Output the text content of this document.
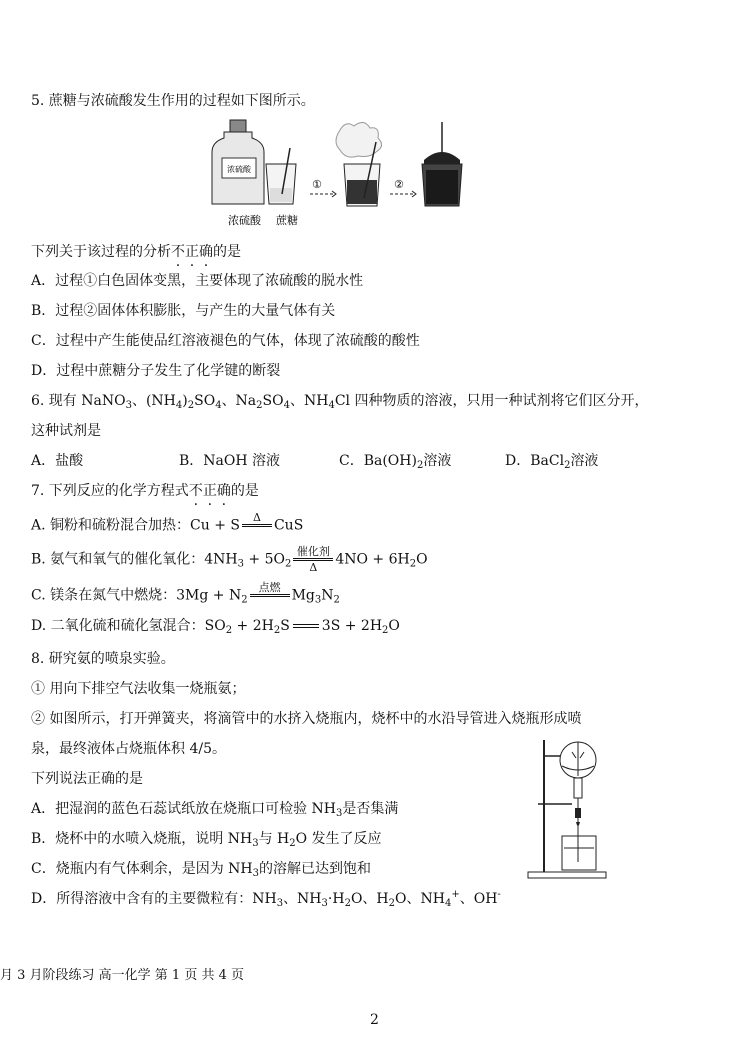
5. 蔗糖与浓硫酸发生作用的过程如下图所示。
浓硫酸
浓硫酸 蔗糖
①	②
下列关于该过程的分析不正确的是
A．过程①白色固体变黑，主要体现了浓硫酸的脱水性
B．过程②固体体积膨胀，与产生的大量气体有关
C．过程中产生能使品红溶液褪色的气体，体现了浓硫酸的酸性
D．过程中蔗糖分子发生了化学键的断裂
6. 现有 NaNO$_3$、$(NH_4)_2SO_4$、$Na_2SO_4$、$NH_4Cl$ 四种物质的溶液，只用一种试剂将它们区分开，
这种试剂是
A．盐酸	B．NaOH 溶液	C．$Ba(OH)_2$溶液	D．BaCl$_2$溶液
7. 下列反应的化学方程式不正确的是
A. 铜粉和硫粉混合加热：Cu + S	Δ CuS
B. 氨气和氧气的催化氧化：$4NH_3 + 5O_2$
催化剂
Δ	$4NO + 6H_2O$
C. 镁条在氮气中燃烧：$3Mg + N_2$
点燃 $Mg_3N_2$
D. 二氧化硫和硫化氢混合：$SO_2 + 2H_2S$ $3S + 2H_2O$
8. 研究氨的喷泉实验。
① 用向下排空气法收集一烧瓶氨；
② 如图所示，打开弹簧夹，将滴管中的水挤入烧瓶内，烧杯中的水沿导管进入烧瓶形成喷
泉，最终液体占烧瓶体积 4/5。
下列说法正确的是
A．把湿润的蓝色石蕊试纸放在烧瓶口可检验 $NH_3$是否集满
B．烧杯中的水喷入烧瓶，说明 $NH_3$与 $H_2O$ 发生了反应
C．烧瓶内有气体剩余，是因为 $NH_3$的溶解已达到饱和
D．所得溶液中含有的主要微粒有：$NH_3$、$NH_3\cdot H_2O$、$H_2O$、$NH_4^+$、OH-
月 3 月阶段练习 高一化学 第 1 页 共 4 页
2
